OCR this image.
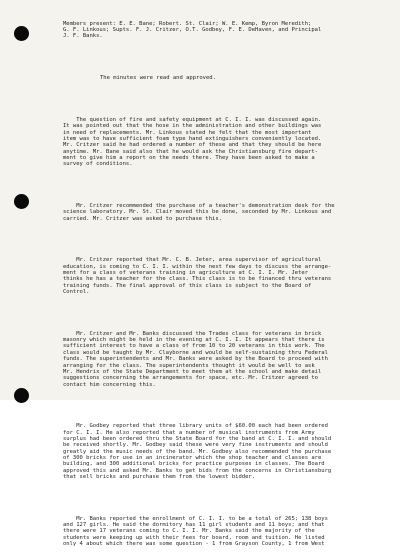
Members present: E. E. Bane; Robert. St. Clair; W. E. Kemp, Byron Meredith;
G. F. Linkous; Supts. F. J. Critzer, O.T. Godbey, F. E. DeHaven, and Principal
J. F. Banks.

The minutes were read and approved.

The question of fire and safety equipment at C. I. I. was discussed again.
It was pointed out that the hose in the administration and other buildings was
in need of replacements. Mr. Linkous stated he felt that the most important
item was to have sufficient foam type hand extinguishers conveniently located.
Mr. Critzer said he had ordered a number of these and that they should be here
anytime. Mr. Bane said also that he would ask the Christiansburg fire depart-
ment to give him a report on the needs there. They have been asked to make a
survey of conditions.

Mr. Critzer recommended the purchase of a teacher's demonstration desk for the
science laboratory. Mr. St. Clair moved this be done, seconded by Mr. Linkous and
carried. Mr. Critzer was asked to purchase this.

Mr. Critzer reported that Mr. C. B. Jeter, area supervisor of agricultural
education, is coming to C. I. I. within the next few days to discuss the arrange-
ment for a class of veterans training in agriculture at C. I. I. Mr. Jeter
thinks he has a teacher for the class. This class is to be financed thru veterans
training funds. The final approval of this class is subject to the Board of
Control.

Mr. Critzer and Mr. Banks discussed the Trades class for veterans in brick
masonry which might be held in the evening at C. I. I. It appears that there is
sufficient interest to have a class of from 10 to 20 veterans in this work. The
class would be taught by Mr. Clayborne and would be self-sustaining thru Federal
funds. The superintendents and Mr. Banks were asked by the Board to proceed with
arranging for the class. The superintendents thought it would be well to ask
Mr. Hendrix of the State Department to meet them at the school and make detail
suggestions concerning the arrangements for space, etc. Mr. Critzer agreed to
contact him concerning this.

Mr. Godbey reported that three library units of $60.00 each had been ordered
for C. I. I. He also reported that a number of musical instruments from Army
surplus had been ordered thru the State Board for the band at C. I. I. and should
be received shortly. Mr. Godbey said these were very fine instruments and should
greatly aid the music needs of the band. Mr. Godbey also recommended the purchase
of 300 bricks for use in an incinerator which the shop teacher and classes are
building, and 300 additional bricks for practice purposes in classes. The Board
approved this and asked Mr. Banks to get bids from the concerns in Christiansburg
that sell bricks and purchase them from the lowest bidder.

Mr. Banks reported the enrollment of C. I. I. to be a total of 265; 138 boys
and 127 girls. He said the dormitory has 11 girl students and 11 boys; and that
there were 17 veterans coming to C. I. I. Mr. Banks said the majority of the
students were keeping up with their fees for board, room and tuition. He listed
only 4 about which there was some question - 1 from Grayson County, 1 from West
